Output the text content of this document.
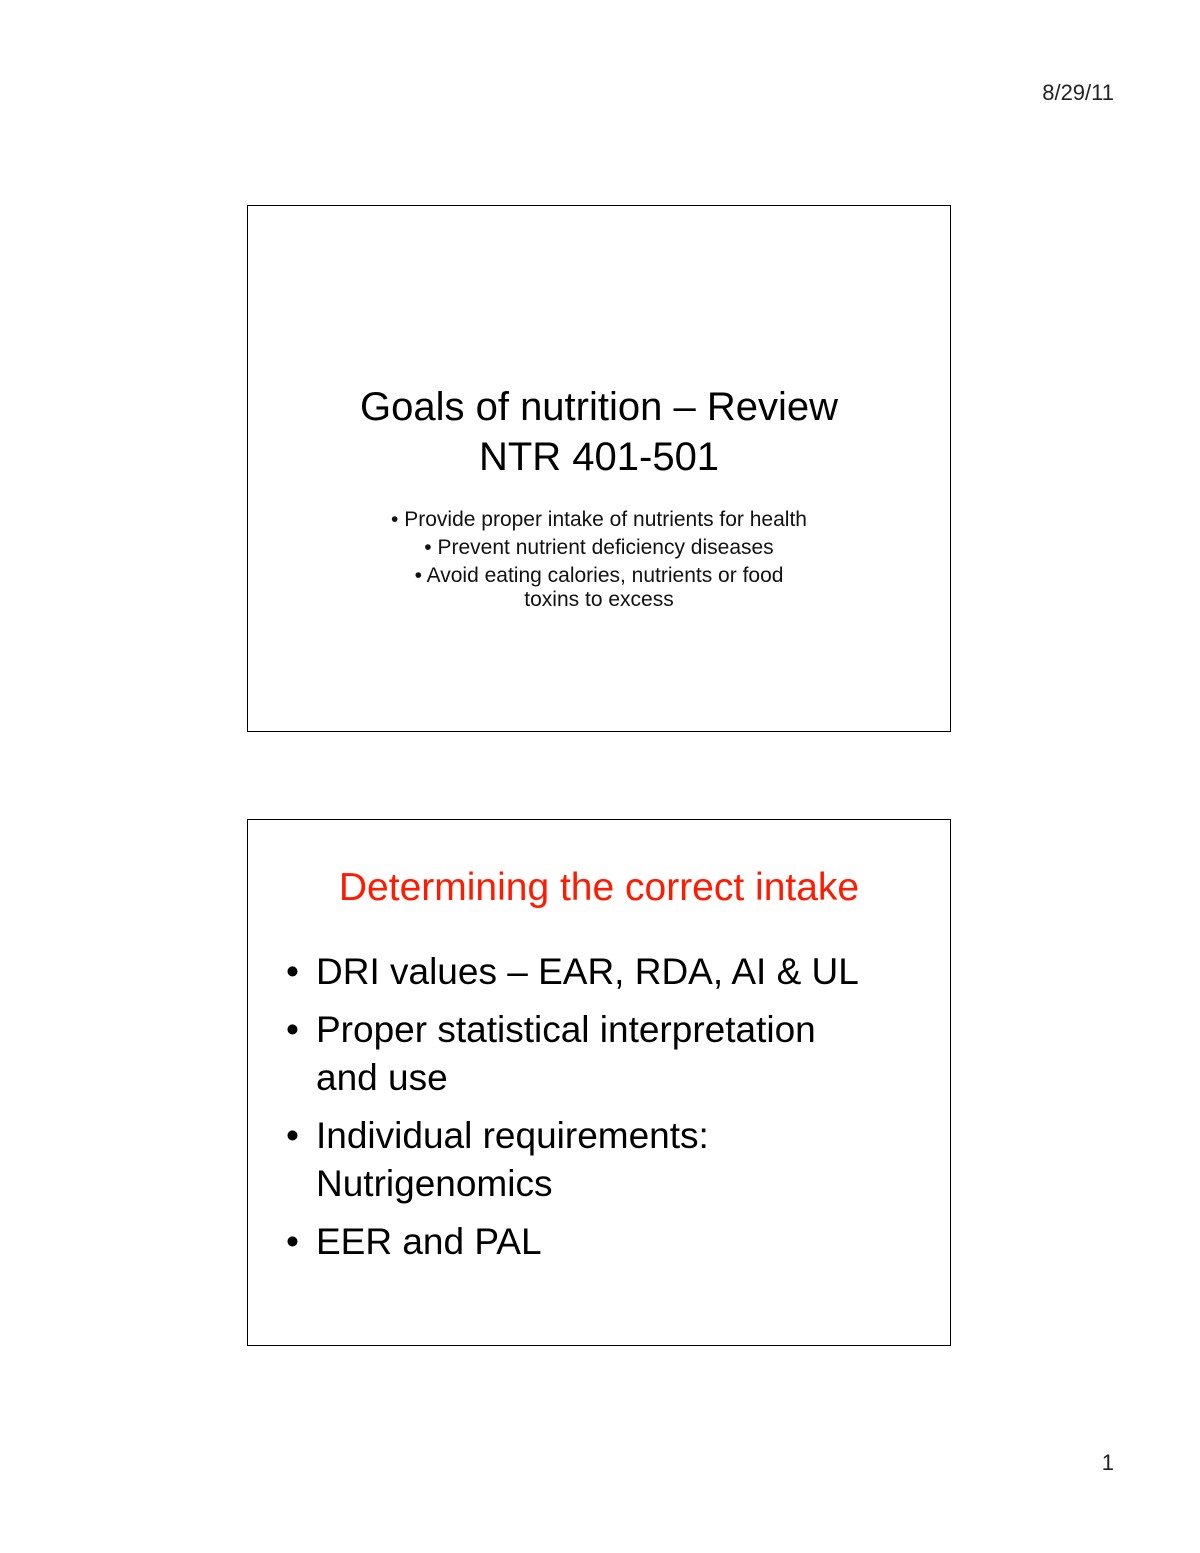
8/29/11
Goals of nutrition – Review
NTR 401-501
• Provide proper intake of nutrients for health
• Prevent nutrient deficiency diseases
• Avoid eating calories, nutrients or food
toxins to excess
Determining the correct intake
• DRI values – EAR, RDA, AI & UL
• Proper statistical interpretation
and use
• Individual requirements:
Nutrigenomics
• EER and PAL
1
